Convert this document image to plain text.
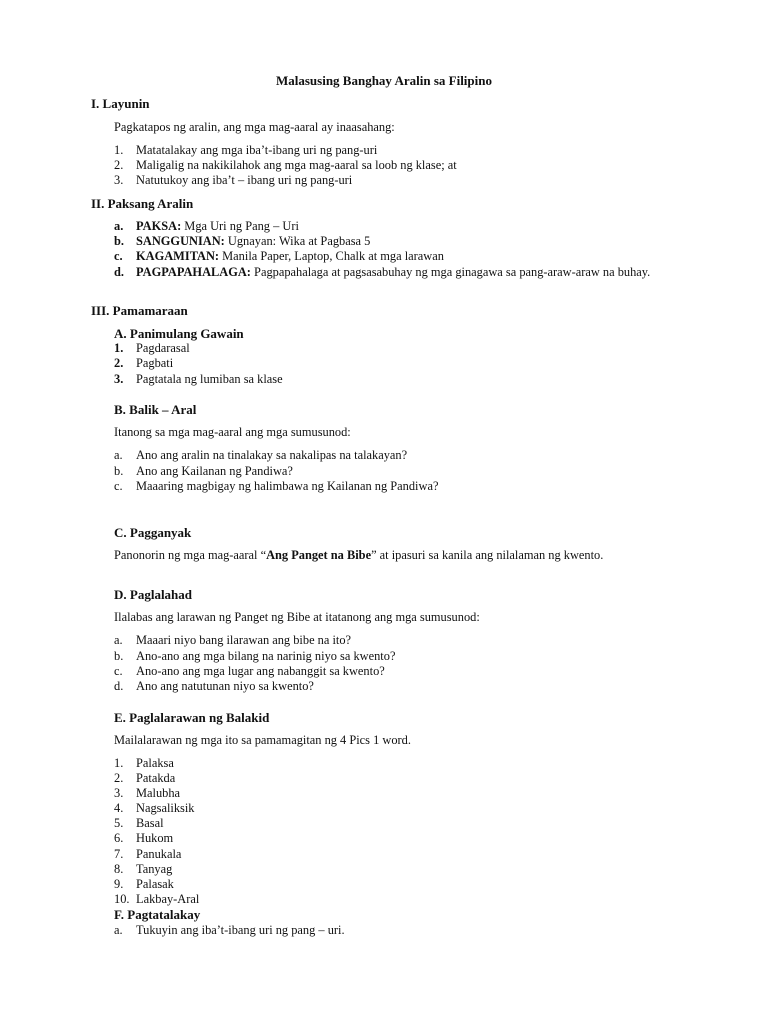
Malasusing Banghay Aralin sa Filipino
I. Layunin
Pagkatapos ng aralin, ang mga mag-aaral ay inaasahang:
1. Matatalakay ang mga iba’t-ibang uri ng pang-uri
2. Maligalig na nakikilahok ang mga mag-aaral sa loob ng klase; at
3. Natutukoy ang iba’t – ibang uri ng pang-uri
II. Paksang Aralin
a. PAKSA: Mga Uri ng Pang – Uri
b. SANGGUNIAN: Ugnayan: Wika at Pagbasa 5
c. KAGAMITAN: Manila Paper, Laptop, Chalk at mga larawan
d. PAGPAPAHALAGA: Pagpapahalaga at pagsasabuhay ng mga ginagawa sa pang-araw-araw na buhay.
III. Pamamaraan
A. Panimulang Gawain
1. Pagdarasal
2. Pagbati
3. Pagtatala ng lumiban sa klase
B. Balik – Aral
Itanong sa mga mag-aaral ang mga sumusunod:
a. Ano ang aralin na tinalakay sa nakalipas na talakayan?
b. Ano ang Kailanan ng Pandiwa?
c. Maaaring magbigay ng halimbawa ng Kailanan ng Pandiwa?
C. Pagganyak
Panonorin ng mga mag-aaral “Ang Panget na Bibe” at ipasuri sa kanila ang nilalaman ng kwento.
D. Paglalahad
Ilalabas ang larawan ng Panget ng Bibe at itatanong ang mga sumusunod:
a. Maaari niyo bang ilarawan ang bibe na ito?
b. Ano-ano ang mga bilang na narinig niyo sa kwento?
c. Ano-ano ang mga lugar ang nabanggit sa kwento?
d. Ano ang natutunan niyo sa kwento?
E. Paglalarawan ng Balakid
Mailalarawan ng mga ito sa pamamagitan ng 4 Pics 1 word.
1. Palaksa
2. Patakda
3. Malubha
4. Nagsaliksik
5. Basal
6. Hukom
7. Panukala
8. Tanyag
9. Palasak
10. Lakbay-Aral
F. Pagtatalakay
a. Tukuyin ang iba’t-ibang uri ng pang – uri.
